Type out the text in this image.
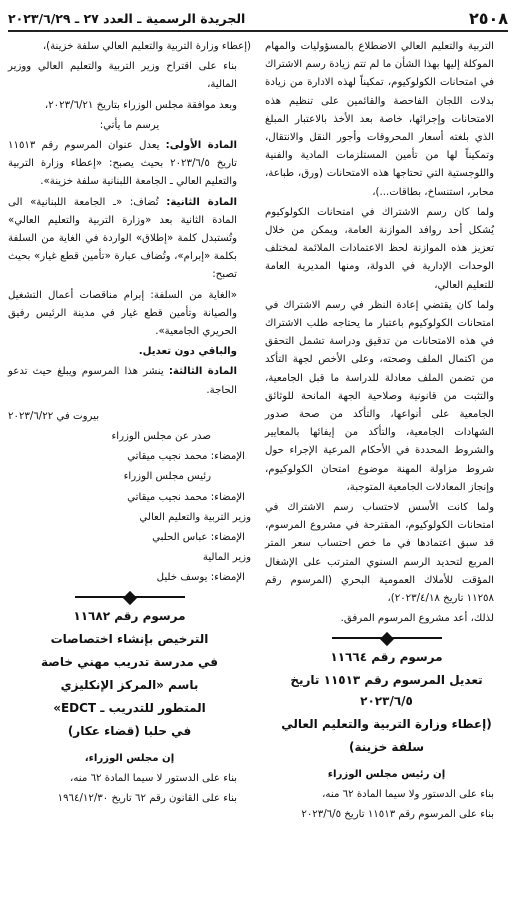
٢٥٠٨
الجريدة الرسمية ـ العدد ٢٧ ـ ٢٠٢٣/٦/٢٩

التربية والتعليم العالي الاضطلاع بالمسؤوليات والمهام الموكلة إليها بهذا الشأن ما لم تتم زيادة رسم الاشتراك في امتحانات الكولوكيوم، تمكيناً لهذه الادارة من زيادة بدلات اللجان الفاحصة والقائمين على تنظيم هذه الامتحانات وإجرائها، خاصة بعد الأخذ بالاعتبار المبلغ الذي بلغته أسعار المحروقات وأجور النقل والانتقال، وتمكيناً لها من تأمين المستلزمات المادية والفنية واللوجستية التي تحتاجها هذه الامتحانات (ورق، طباعة، محابر، استنساخ، بطاقات...)،

ولما كان رسم الاشتراك في امتحانات الكولوكيوم يُشكل أحد روافد الموازنة العامة، ويمكن من خلال تعزيز هذه الموازنة لحظ الاعتمادات الملائمة لمختلف الوحدات الإدارية في الدولة، ومنها المديرية العامة للتعليم العالي،

ولما كان يقتضي إعادة النظر في رسم الاشتراك في امتحانات الكولوكيوم باعتبار ما يحتاجه طلب الاشتراك في هذه الامتحانات من تدقيق ودراسة تشمل التحقق من اكتمال الملف وصحته، وعلى الأخص لجهة التأكد من تضمن الملف معادلة للدراسة ما قبل الجامعية، والتثبت من قانونية وصلاحية الجهة المانحة للوثائق الجامعية على أنواعها، والتأكد من صحة صدور الشهادات الجامعية، والتأكد من إيفائها بالمعايير والشروط المحددة في الأحكام المرعية الإجراء حول شروط مزاولة المهنة موضوع امتحان الكولوكيوم، وإنجاز المعادلات الجامعية المتوجبة،

ولما كانت الأسس لاحتساب رسم الاشتراك في امتحانات الكولوكيوم، المقترحة في مشروع المرسوم، قد سبق اعتمادها في ما خص احتساب سعر المتر المربع لتحديد الرسم السنوي المترتب على الإشغال المؤقت للأملاك العمومية البحري (المرسوم رقم ١١٢٥٨ تاريخ ٢٠٢٣/٤/١٨)،

لذلك، أعد مشروع المرسوم المرفق.

مرسوم رقم ١١٦٦٤

تعديل المرسوم رقم ١١٥١٣ تاريخ ٢٠٢٣/٦/٥

(إعطاء وزارة التربية والتعليم العالي

سلفة خزينة)

إن رئيس مجلس الوزراء

بناء على الدستور ولا سيما المادة ٦٢ منه،

بناء على المرسوم رقم ١١٥١٣ تاريخ ٢٠٢٣/٦/٥

(إعطاء وزارة التربية والتعليم العالي سلفة خزينة)،

بناء على اقتراح وزير التربية والتعليم العالي ووزير المالية،

وبعد موافقة مجلس الوزراء بتاريخ ٢٠٢٣/٦/٢١،

يرسم ما يأتي:

المادة الأولى: يعدل عنوان المرسوم رقم ١١٥١٣ تاريخ ٢٠٢٣/٦/٥ بحيث يصبح: «إعطاء وزارة التربية والتعليم العالي ـ الجامعة اللبنانية سلفة خزينة».

المادة الثانية: تُضاف: «ـ الجامعة اللبنانية» الى المادة الثانية بعد «وزارة التربية والتعليم العالي» وتُستبدل كلمة «إطلاق» الواردة في الغاية من السلفة بكلمة «إبرام»، وتُضاف عبارة «تأمين قطع غيار» بحيث تصبح:

«الغاية من السلفة: إبرام مناقصات أعمال التشغيل والصيانة وتأمين قطع غيار في مدينة الرئيس رفيق الحريري الجامعية».

والباقي دون تعديل.

المادة الثالثة: ينشر هذا المرسوم ويبلغ حيث تدعو الحاجة.

بيروت في ٢٠٢٣/٦/٢٢

صدر عن مجلس الوزراء

الإمضاء: محمد نجيب ميقاتي

رئيس مجلس الوزراء

الإمضاء: محمد نجيب ميقاتي

وزير التربية والتعليم العالي

الإمضاء: عباس الحلبي

وزير المالية

الإمضاء: يوسف خليل

مرسوم رقم ١١٦٨٢

الترخيص بإنشاء اختصاصات

في مدرسة تدريب مهني خاصة

باسم «المركز الإنكليزي

المتطور للتدريب ـ EDCT»

في حلبا (قضاء عكار)

إن مجلس الوزراء،

بناء على الدستور لا سيما المادة ٦٢ منه،

بناء على القانون رقم ٦٢ تاريخ ١٩٦٤/١٢/٣٠
